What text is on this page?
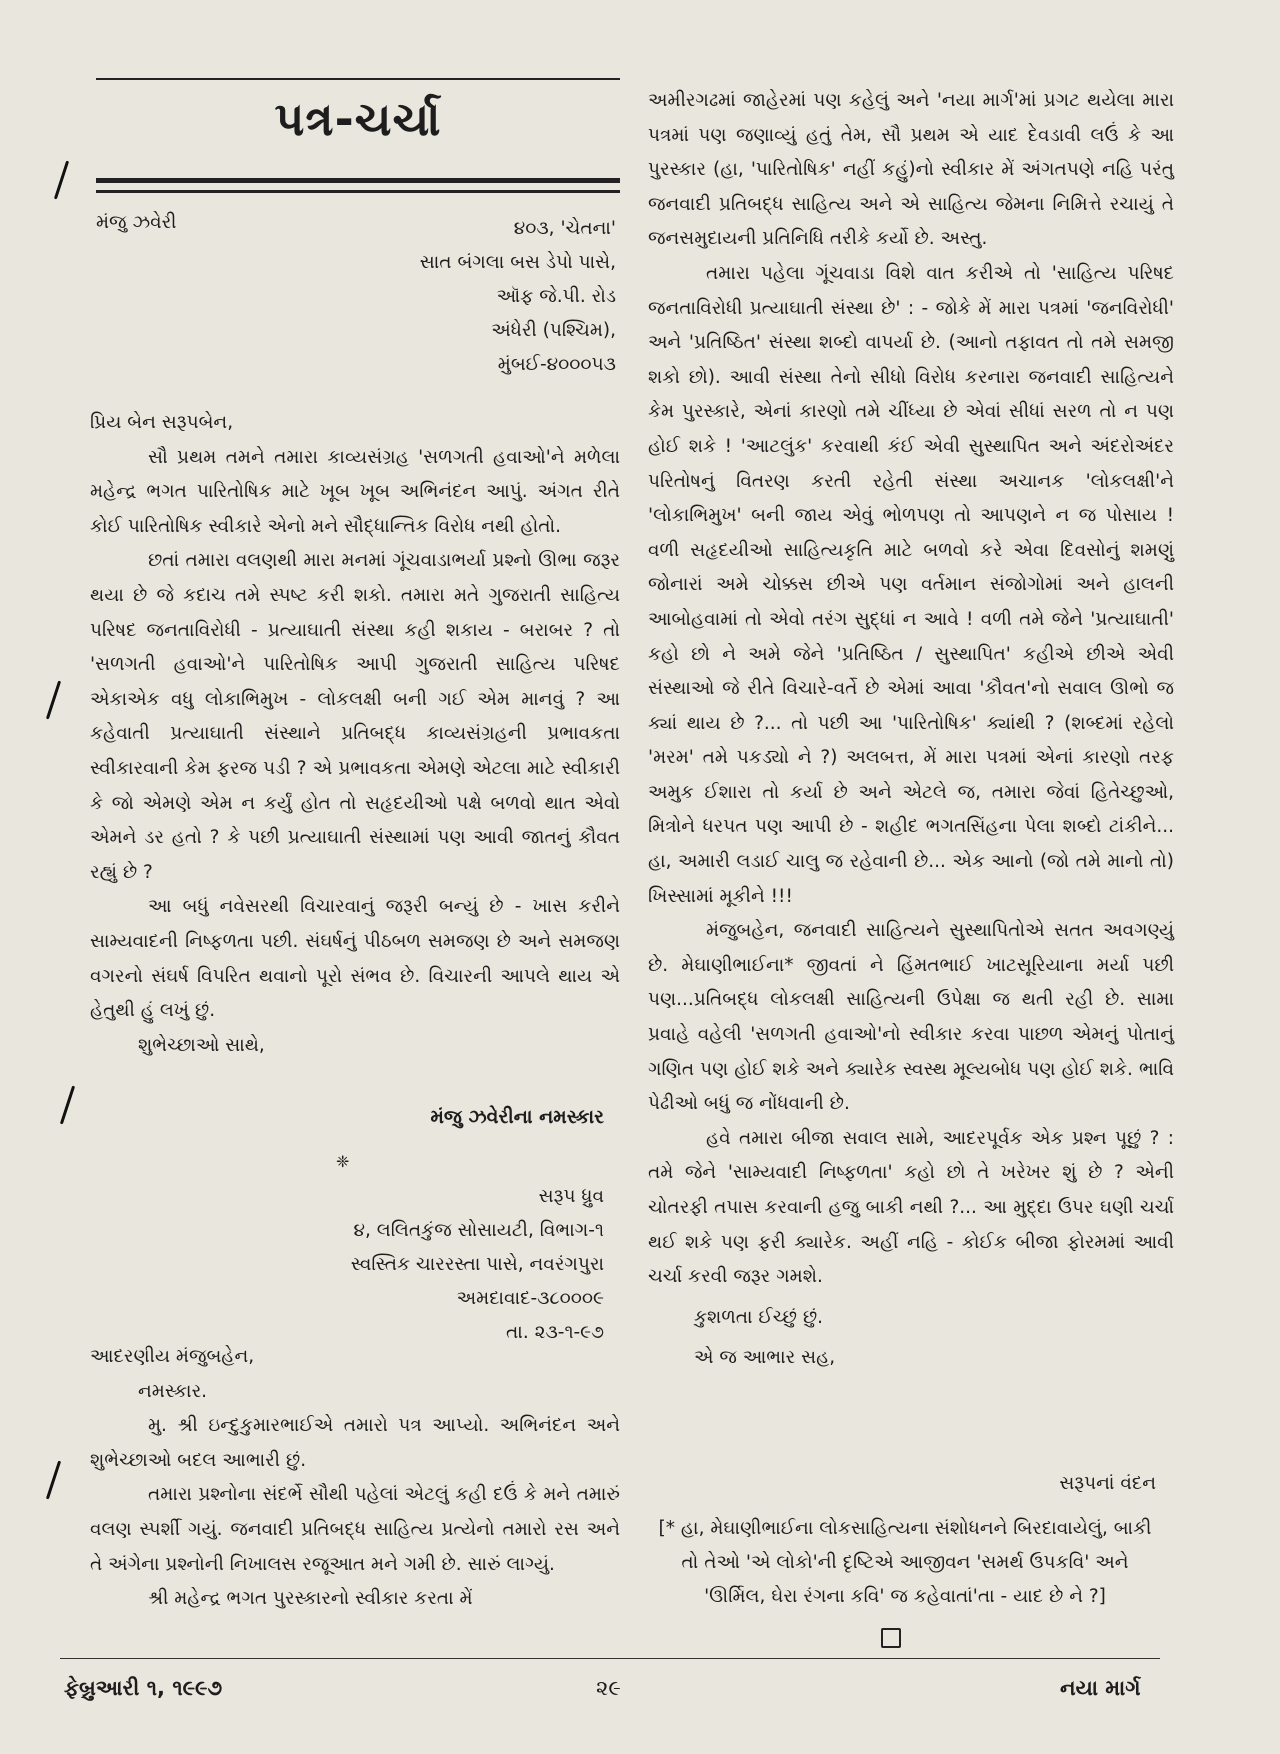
પત્ર-ચર્ચા
મંજુ ઝવેરી	૪૦૩, 'ચેતના'
સાત બંગલા બસ ડેપો પાસે,
ઑફ જે.પી. રોડ
અંધેરી (પશ્ચિમ),
મુંબઈ-૪૦૦૦૫૩

પ્રિય બેન સરૂપબેન,

સૌ પ્રથમ તમને તમારા કાવ્યસંગ્રહ 'સળગતી હવાઓ'ને મળેલા મહેન્દ્ર ભગત પારિતોષિક માટે ખૂબ ખૂબ અભિનંદન આપું. અંગત રીતે કોઈ પારિતોષિક સ્વીકારે એનો મને સૌદ્ધાન્તિક વિરોધ નથી હોતો.

છતાં તમારા વલણથી મારા મનમાં ગૂંચવાડાભર્યા પ્રશ્નો ઊભા જરૂર થયા છે જે કદાચ તમે સ્પષ્ટ કરી શકો. તમારા મતે ગુજરાતી સાહિત્ય પરિષદ જનતાવિરોધી - પ્રત્યાઘાતી સંસ્થા કહી શકાય - બરાબર ? તો 'સળગતી હવાઓ'ને પારિતોષિક આપી ગુજરાતી સાહિત્ય પરિષદ એકાએક વધુ લોકાભિમુખ - લોકલક્ષી બની ગઈ એમ માનવું ? આ કહેવાતી પ્રત્યાઘાતી સંસ્થાને પ્રતિબદ્ધ કાવ્યસંગ્રહની પ્રભાવકતા સ્વીકારવાની કેમ ફરજ પડી ? એ પ્રભાવકતા એમણે એટલા માટે સ્વીકારી કે જો એમણે એમ ન કર્યું હોત તો સહૃદયીઓ પક્ષે બળવો થાત એવો એમને ડર હતો ? કે પછી પ્રત્યાઘાતી સંસ્થામાં પણ આવી જાતનું કૌવત રહ્યું છે ?

આ બધું નવેસરથી વિચારવાનું જરૂરી બન્યું છે - ખાસ કરીને સામ્યવાદની નિષ્ફળતા પછી. સંઘર્ષનું પીઠબળ સમજણ છે અને સમજણ વગરનો સંઘર્ષ વિપરિત થવાનો પૂરો સંભવ છે. વિચારની આપલે થાય એ હેતુથી હું લખું છું.

શુભેચ્છાઓ સાથે,

મંજુ ઝવેરીના નમસ્કાર
❈
સરૂપ ધ્રુવ
૪, લલિતકુંજ સોસાયટી, વિભાગ-૧
સ્વસ્તિક ચારરસ્તા પાસે, નવરંગપુરા
અમદાવાદ-૩૮૦૦૦૯
તા. ૨૩-૧-૯૭

આદરણીય મંજુબહેન,

નમસ્કાર.

મુ. શ્રી ઇન્દુકુમારભાઈએ તમારો પત્ર આપ્યો. અભિનંદન અને શુભેચ્છાઓ બદલ આભારી છું.

તમારા પ્રશ્નોના સંદર્ભે સૌથી પહેલાં એટલું કહી દઉં કે મને તમારું વલણ સ્પર્શી ગયું. જનવાદી પ્રતિબદ્ધ સાહિત્ય પ્રત્યેનો તમારો રસ અને તે અંગેના પ્રશ્નોની નિખાલસ રજૂઆત મને ગમી છે. સારું લાગ્યું.

શ્રી મહેન્દ્ર ભગત પુરસ્કારનો સ્વીકાર કરતા મેં

અમીરગઢમાં જાહેરમાં પણ કહેલું અને 'નયા માર્ગ'માં પ્રગટ થયેલા મારા પત્રમાં પણ જણાવ્યું હતું તેમ, સૌ પ્રથમ એ યાદ દેવડાવી લઉં કે આ પુરસ્કાર (હા, 'પારિતોષિક' નહીં કહું)નો સ્વીકાર મેં અંગતપણે નહિ પરંતુ જનવાદી પ્રતિબદ્ધ સાહિત્ય અને એ સાહિત્ય જેમના નિમિત્તે રચાયું તે જનસમુદાયની પ્રતિનિધિ તરીકે કર્યો છે. અસ્તુ.

તમારા પહેલા ગૂંચવાડા વિશે વાત કરીએ તો 'સાહિત્ય પરિષદ જનતાવિરોધી પ્રત્યાઘાતી સંસ્થા છે' : - જોકે મેં મારા પત્રમાં 'જનવિરોધી' અને 'પ્રતિષ્ઠિત' સંસ્થા શબ્દો વાપર્યા છે. (આનો તફાવત તો તમે સમજી શકો છો). આવી સંસ્થા તેનો સીધો વિરોધ કરનારા જનવાદી સાહિત્યને કેમ પુરસ્કારે, એનાં કારણો તમે ચીંધ્યા છે એવાં સીધાં સરળ તો ન પણ હોઈ શકે ! 'આટલુંક' કરવાથી કંઈ એવી સુસ્થાપિત અને અંદરોઅંદર પરિતોષનું વિતરણ કરતી રહેતી સંસ્થા અચાનક 'લોકલક્ષી'ને 'લોકાભિમુખ' બની જાય એવું ભોળપણ તો આપણને ન જ પોસાય ! વળી સહૃદયીઓ સાહિત્યકૃતિ માટે બળવો કરે એવા દિવસોનું શમણું જોનારાં અમે ચોક્કસ છીએ પણ વર્તમાન સંજોગોમાં અને હાલની આબોહવામાં તો એવો તરંગ સુદ્ધાં ન આવે ! વળી તમે જેને 'પ્રત્યાઘાતી' કહો છો ને અમે જેને 'પ્રતિષ્ઠિત / સુસ્થાપિત' કહીએ છીએ એવી સંસ્થાઓ જે રીતે વિચારે-વર્તે છે એમાં આવા 'કૌવત'નો સવાલ ઊભો જ ક્યાં થાય છે ?... તો પછી આ 'પારિતોષિક' ક્યાંથી ? (શબ્દમાં રહેલો 'મરમ' તમે પકડ્યો ને ?) અલબત્ત, મેં મારા પત્રમાં એનાં કારણો તરફ અમુક ઈશારા તો કર્યા છે અને એટલે જ, તમારા જેવાં હિતેચ્છુઓ, મિત્રોને ધરપત પણ આપી છે - શહીદ ભગતસિંહના પેલા શબ્દો ટાંકીને... હા, અમારી લડાઈ ચાલુ જ રહેવાની છે... એક આનો (જો તમે માનો તો) ખિસ્સામાં મૂકીને !!!

મંજુબહેન, જનવાદી સાહિત્યને સુસ્થાપિતોએ સતત અવગણ્યું છે. મેઘાણીભાઈના* જીવતાં ને હિંમતભાઈ ખાટસૂરિયાના મર્યા પછી પણ...પ્રતિબદ્ધ લોકલક્ષી સાહિત્યની ઉપેક્ષા જ થતી રહી છે. સામા પ્રવાહે વહેલી 'સળગતી હવાઓ'નો સ્વીકાર કરવા પાછળ એમનું પોતાનું ગણિત પણ હોઈ શકે અને ક્યારેક સ્વસ્થ મૂલ્યબોધ પણ હોઈ શકે. ભાવિ પેઢીઓ બધું જ નોંધવાની છે.

હવે તમારા બીજા સવાલ સામે, આદરપૂર્વક એક પ્રશ્ન પૂછું ? : તમે જેને 'સામ્યવાદી નિષ્ફળતા' કહો છો તે ખરેખર શું છે ? એની ચોતરફી તપાસ કરવાની હજુ બાકી નથી ?... આ મુદ્દા ઉપર ઘણી ચર્ચા થઈ શકે પણ ફરી ક્યારેક. અહીં નહિ - કોઈક બીજા ફોરમમાં આવી ચર્ચા કરવી જરૂર ગમશે.

કુશળતા ઈચ્છું છું.

એ જ આભાર સહ,

સરૂપનાં વંદન
[* હા, મેઘાણીભાઈના લોકસાહિત્યના સંશોધનને બિરદાવાયેલું, બાકી તો તેઓ 'એ લોકો'ની દૃષ્ટિએ આજીવન 'સમર્થ ઉપકવિ' અને 'ઊર્મિલ, ઘેરા રંગના કવિ' જ કહેવાતાં'તા - યાદ છે ને ?]
ફેબ્રુઆરી ૧, ૧૯૯૭	૨૯	નયા માર્ગ
